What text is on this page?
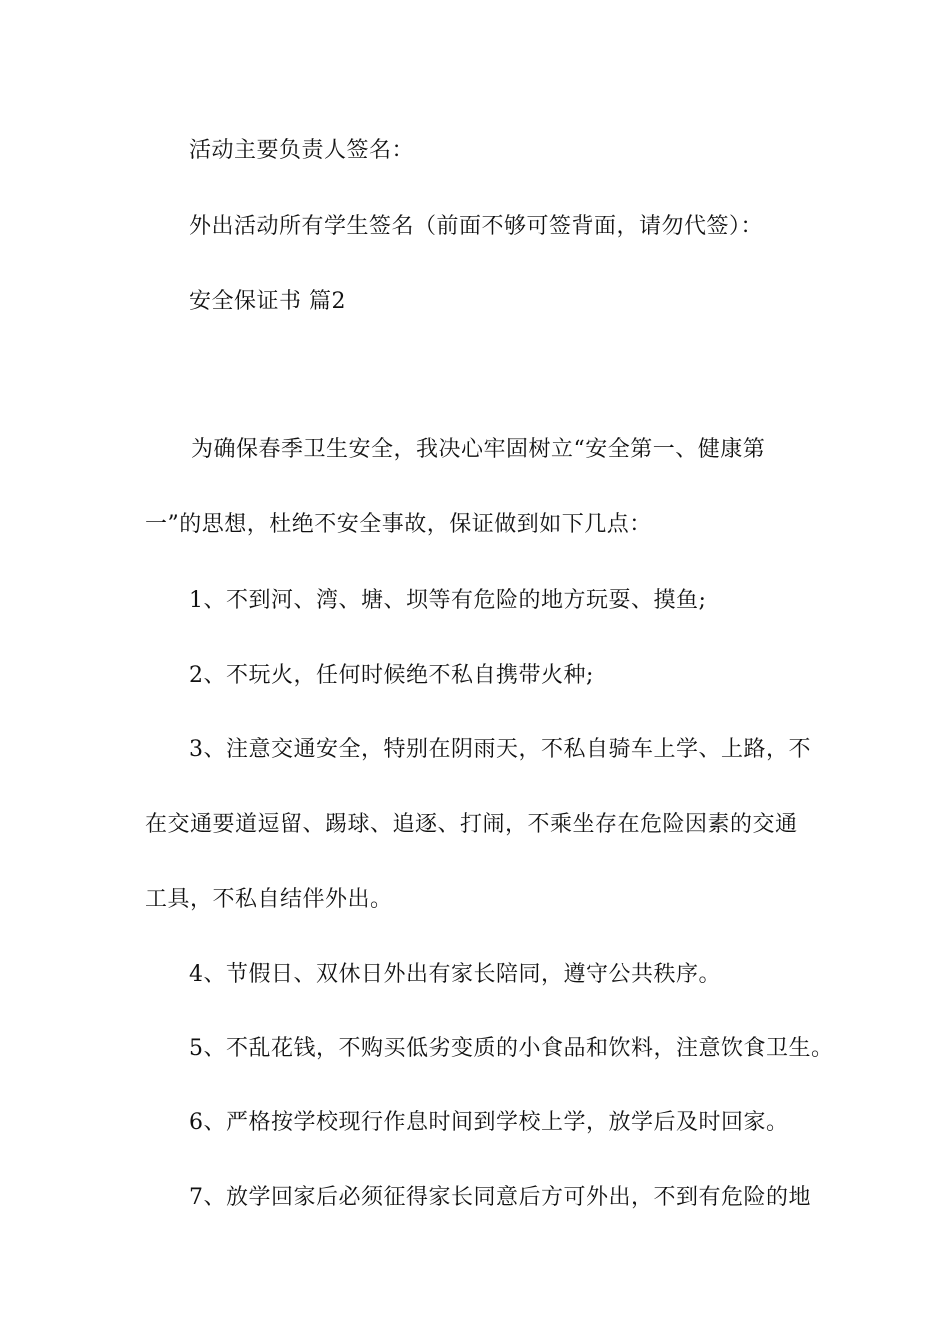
活动主要负责人签名：
外出活动所有学生签名（前面不够可签背面，请勿代签）：
安全保证书 篇2
为确保春季卫生安全，我决心牢固树立“安全第一、健康第
一”的思想，杜绝不安全事故，保证做到如下几点：
1、不到河、湾、塘、坝等有危险的地方玩耍、摸鱼;
2、不玩火，任何时候绝不私自携带火种;
3、注意交通安全，特别在阴雨天，不私自骑车上学、上路，不
在交通要道逗留、踢球、追逐、打闹，不乘坐存在危险因素的交通
工具，不私自结伴外出。
4、节假日、双休日外出有家长陪同，遵守公共秩序。
5、不乱花钱，不购买低劣变质的小食品和饮料，注意饮食卫生。
6、严格按学校现行作息时间到学校上学，放学后及时回家。
7、放学回家后必须征得家长同意后方可外出，不到有危险的地
